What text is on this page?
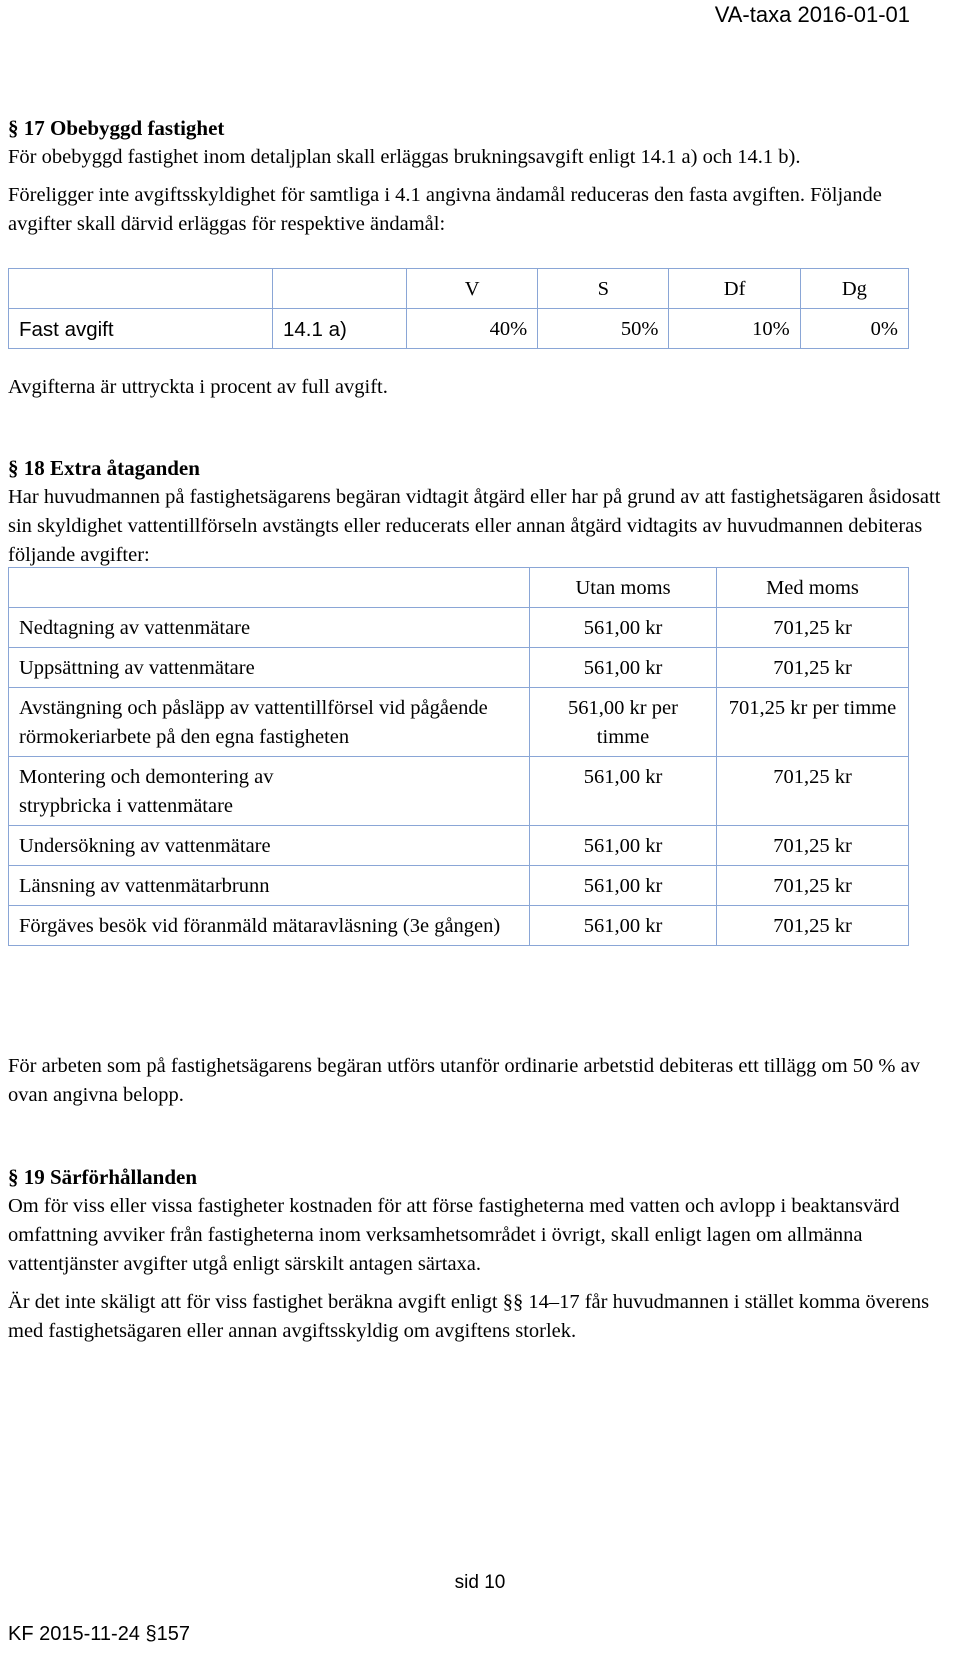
VA-taxa 2016-01-01
§ 17 Obebyggd fastighet

För obebyggd fastighet inom detaljplan skall erläggas brukningsavgift enligt 14.1 a) och 14.1 b).

Föreligger inte avgiftsskyldighet för samtliga i 4.1 angivna ändamål reduceras den fasta avgiften. Följande avgifter skall därvid erläggas för respektive ändamål:

		V	S	Df	Dg
Fast avgift	14.1 a)	40%	50%	10%	0%
Avgifterna är uttryckta i procent av full avgift.
§ 18 Extra åtaganden

Har huvudmannen på fastighetsägarens begäran vidtagit åtgärd eller har på grund av att fastighetsägaren åsidosatt sin skyldighet vattentillförseln avstängts eller reducerats eller annan åtgärd vidtagits av huvudmannen debiteras följande avgifter:

	Utan moms	Med moms
Nedtagning av vattenmätare	561,00 kr	701,25 kr
Uppsättning av vattenmätare	561,00 kr	701,25 kr
Avstängning och påsläpp av vattentillförsel vid pågående rörmokeriarbete på den egna fastigheten	561,00 kr per timme	701,25 kr per timme
Montering och demontering av strypbricka i vattenmätare	561,00 kr	701,25 kr
Undersökning av vattenmätare	561,00 kr	701,25 kr
Länsning av vattenmätarbrunn	561,00 kr	701,25 kr
Förgäves besök vid föranmäld mätaravläsning (3e gången)	561,00 kr	701,25 kr
För arbeten som på fastighetsägarens begäran utförs utanför ordinarie arbetstid debiteras ett tillägg om 50 % av ovan angivna belopp.
§ 19 Särförhållanden

Om för viss eller vissa fastigheter kostnaden för att förse fastigheterna med vatten och avlopp i beaktansvärd omfattning avviker från fastigheterna inom verksamhetsområdet i övrigt, skall enligt lagen om allmänna vattentjänster avgifter utgå enligt särskilt antagen särtaxa.

Är det inte skäligt att för viss fastighet beräkna avgift enligt §§ 14–17 får huvudmannen i stället komma överens med fastighetsägaren eller annan avgiftsskyldig om avgiftens storlek.

sid 10
KF 2015-11-24 §157
